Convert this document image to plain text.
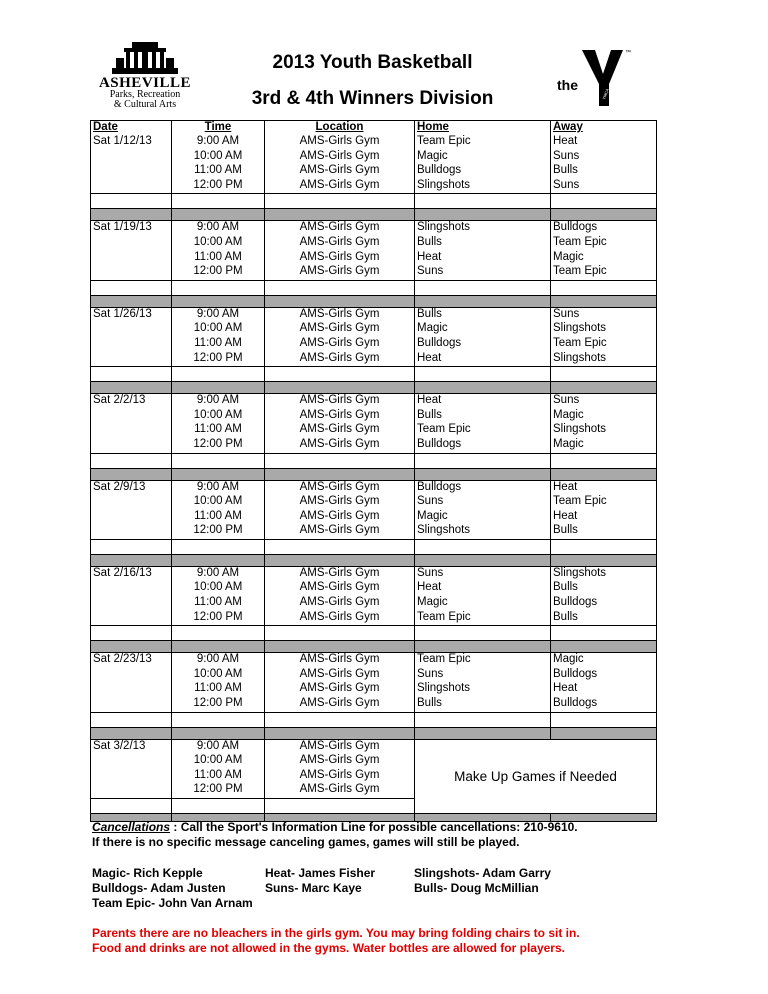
ASHEVILLE
Parks, Recreation
& Cultural Arts
2013 Youth Basketball
3rd & 4th Winners Division
the
™
YMCA
Date	Time	Location	Home	Away
Sat 1/12/13	9:00 AM	AMS-Girls Gym	Team Epic	Heat
	10:00 AM	AMS-Girls Gym	Magic	Suns
	11:00 AM	AMS-Girls Gym	Bulldogs	Bulls
	12:00 PM	AMS-Girls Gym	Slingshots	Suns

Sat 1/19/13	9:00 AM	AMS-Girls Gym	Slingshots	Bulldogs
	10:00 AM	AMS-Girls Gym	Bulls	Team Epic
	11:00 AM	AMS-Girls Gym	Heat	Magic
	12:00 PM	AMS-Girls Gym	Suns	Team Epic

Sat 1/26/13	9:00 AM	AMS-Girls Gym	Bulls	Suns
	10:00 AM	AMS-Girls Gym	Magic	Slingshots
	11:00 AM	AMS-Girls Gym	Bulldogs	Team Epic
	12:00 PM	AMS-Girls Gym	Heat	Slingshots

Sat 2/2/13	9:00 AM	AMS-Girls Gym	Heat	Suns
	10:00 AM	AMS-Girls Gym	Bulls	Magic
	11:00 AM	AMS-Girls Gym	Team Epic	Slingshots
	12:00 PM	AMS-Girls Gym	Bulldogs	Magic

Sat 2/9/13	9:00 AM	AMS-Girls Gym	Bulldogs	Heat
	10:00 AM	AMS-Girls Gym	Suns	Team Epic
	11:00 AM	AMS-Girls Gym	Magic	Heat
	12:00 PM	AMS-Girls Gym	Slingshots	Bulls

Sat 2/16/13	9:00 AM	AMS-Girls Gym	Suns	Slingshots
	10:00 AM	AMS-Girls Gym	Heat	Bulls
	11:00 AM	AMS-Girls Gym	Magic	Bulldogs
	12:00 PM	AMS-Girls Gym	Team Epic	Bulls

Sat 2/23/13	9:00 AM	AMS-Girls Gym	Team Epic	Magic
	10:00 AM	AMS-Girls Gym	Suns	Bulldogs
	11:00 AM	AMS-Girls Gym	Slingshots	Heat
	12:00 PM	AMS-Girls Gym	Bulls	Bulldogs

Sat 3/2/13	9:00 AM	AMS-Girls Gym	Make Up Games if Needed	
	10:00 AM	AMS-Girls Gym		
	11:00 AM	AMS-Girls Gym		
	12:00 PM	AMS-Girls Gym		

Cancellations : Call the Sport's Information Line for possible cancellations: 210-9610.
If there is no specific message canceling games, games will still be played.
Magic- Rich Kepple	Heat- James Fisher	Slingshots- Adam Garry
Bulldogs- Adam Justen	Suns- Marc Kaye	Bulls- Doug McMillian
Team Epic- John Van Arnam
Parents there are no bleachers in the girls gym. You may bring folding chairs to sit in.
Food and drinks are not allowed in the gyms. Water bottles are allowed for players.
